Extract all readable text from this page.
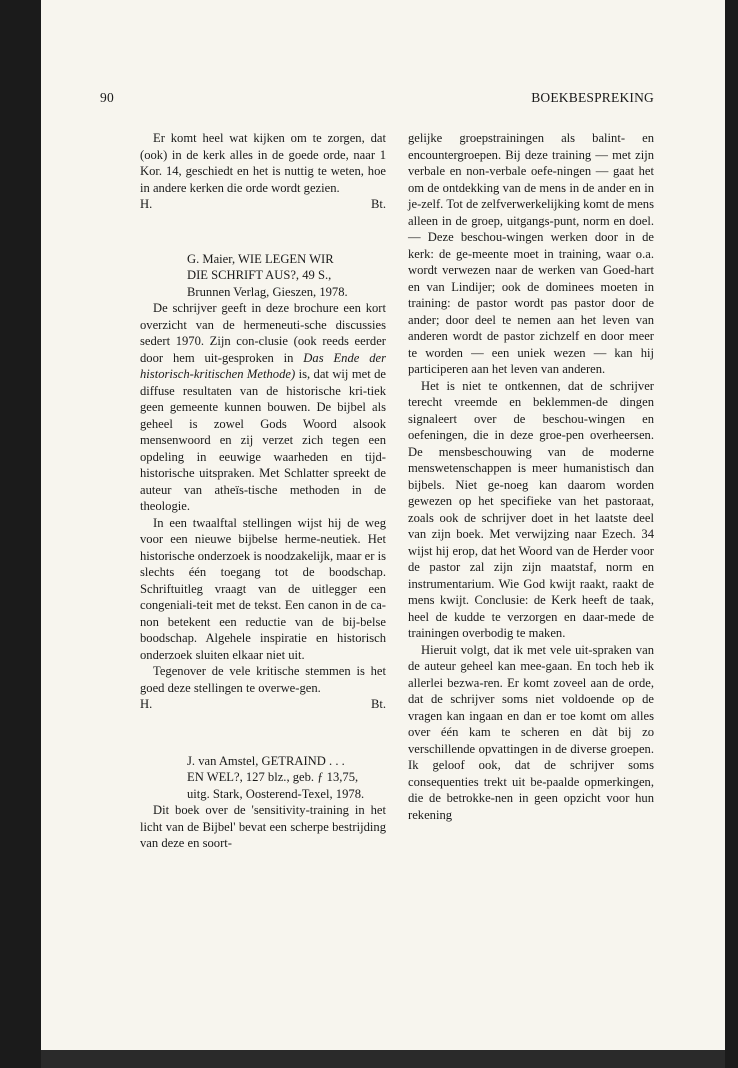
90	BOEKBESPREKING

Er komt heel wat kijken om te zorgen, dat (ook) in de kerk alles in de goede orde, naar 1 Kor. 14, geschiedt en het is nuttig te weten, hoe in andere kerken die orde wordt gezien.

H.	Bt.

G. Maier, WIE LEGEN WIR
DIE SCHRIFT AUS?, 49 S.,
Brunnen Verlag, Gieszen, 1978.

De schrijver geeft in deze brochure een kort overzicht van de hermeneuti-sche discussies sedert 1970. Zijn con-clusie (ook reeds eerder door hem uit-gesproken in Das Ende der historisch-kritischen Methode) is, dat wij met de diffuse resultaten van de historische kri-tiek geen gemeente kunnen bouwen. De bijbel als geheel is zowel Gods Woord alsook mensenwoord en zij verzet zich tegen een opdeling in eeuwige waarheden en tijd-historische uitspraken. Met Schlatter spreekt de auteur van atheïs-tische methoden in de theologie.

In een twaalftal stellingen wijst hij de weg voor een nieuwe bijbelse herme-neutiek. Het historische onderzoek is noodzakelijk, maar er is slechts één toegang tot de boodschap. Schriftuitleg vraagt van de uitlegger een congeniali-teit met de tekst. Een canon in de ca-non betekent een reductie van de bij-belse boodschap. Algehele inspiratie en historisch onderzoek sluiten elkaar niet uit.

Tegenover de vele kritische stemmen is het goed deze stellingen te overwe-gen.

H.	Bt.

J. van Amstel, GETRAIND . . .
EN WEL?, 127 blz., geb. ƒ 13,75,
uitg. Stark, Oosterend-Texel, 1978.

Dit boek over de 'sensitivity-training in het licht van de Bijbel' bevat een scherpe bestrijding van deze en soort-

gelijke groepstrainingen als balint- en encountergroepen. Bij deze training — met zijn verbale en non-verbale oefe-ningen — gaat het om de ontdekking van de mens in de ander en in je-zelf. Tot de zelfverwerkelijking komt de mens alleen in de groep, uitgangs-punt, norm en doel. — Deze beschou-wingen werken door in de kerk: de ge-meente moet in training, waar o.a. wordt verwezen naar de werken van Goed-hart en van Lindijer; ook de dominees moeten in training: de pastor wordt pas pastor door de ander; door deel te nemen aan het leven van anderen wordt de pastor zichzelf en door meer te worden — een uniek wezen — kan hij participeren aan het leven van anderen.

Het is niet te ontkennen, dat de schrijver terecht vreemde en beklemmen-de dingen signaleert over de beschou-wingen en oefeningen, die in deze groe-pen overheersen. De mensbeschouwing van de moderne menswetenschappen is meer humanistisch dan bijbels. Niet ge-noeg kan daarom worden gewezen op het specifieke van het pastoraat, zoals ook de schrijver doet in het laatste deel van zijn boek. Met verwijzing naar Ezech. 34 wijst hij erop, dat het Woord van de Herder voor de pastor zal zijn zijn maatstaf, norm en instrumentarium. Wie God kwijt raakt, raakt de mens kwijt. Conclusie: de Kerk heeft de taak, heel de kudde te verzorgen en daar-mede de trainingen overbodig te maken.

Hieruit volgt, dat ik met vele uit-spraken van de auteur geheel kan mee-gaan. En toch heb ik allerlei bezwa-ren. Er komt zoveel aan de orde, dat de schrijver soms niet voldoende op de vragen kan ingaan en dan er toe komt om alles over één kam te scheren en dàt bij zo verschillende opvattingen in de diverse groepen. Ik geloof ook, dat de schrijver soms consequenties trekt uit be-paalde opmerkingen, die de betrokke-nen in geen opzicht voor hun rekening
